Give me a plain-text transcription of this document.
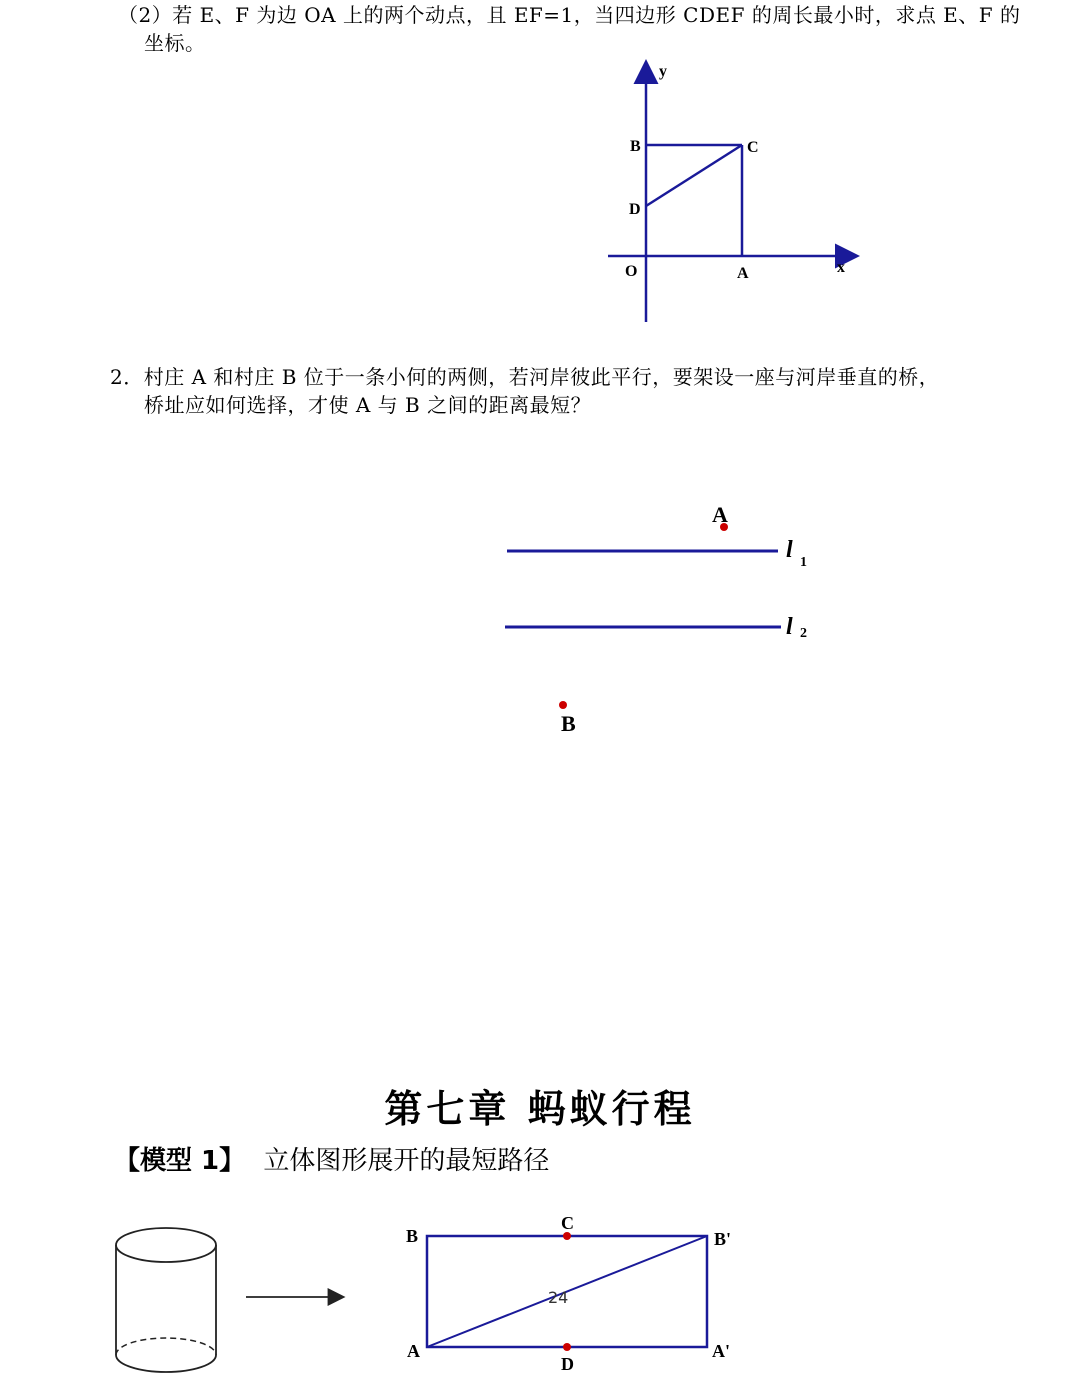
（2）若 E、F 为边 OA 上的两个动点，且 EF=1，当四边形 CDEF 的周长最小时，求点 E、F 的
坐标。
2．村庄 A 和村庄 B 位于一条小何的两侧，若河岸彼此平行，要架设一座与河岸垂直的桥，
桥址应如何选择，才使 A 与 B 之间的距离最短？
第七章 蚂蚁行程
【模型 1】 立体图形展开的最短路径
y
x
O	A
B	C
D
A
B
l 1
l 2
B
C
B'
A
D
A'
24
